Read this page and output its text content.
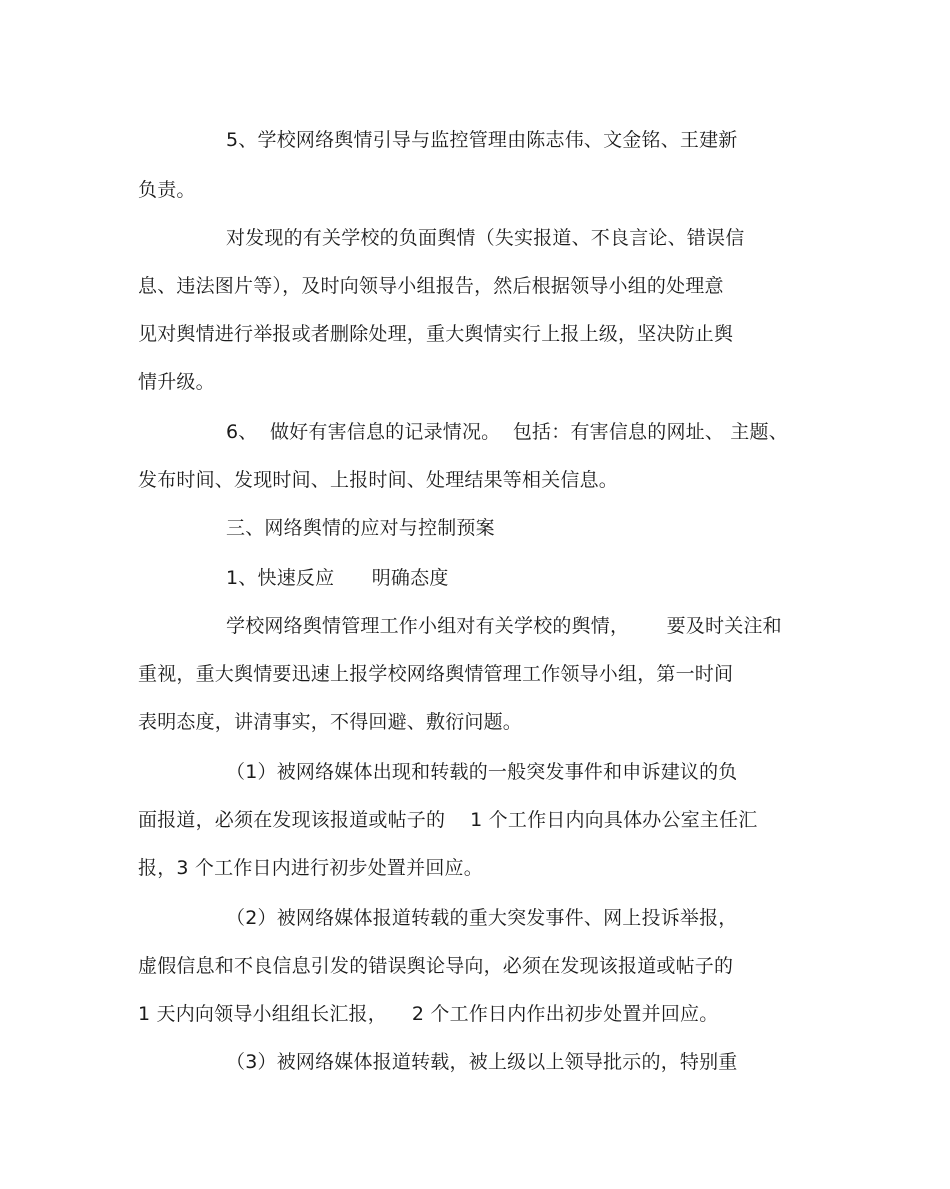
5、学校网络舆情引导与监控管理由陈志伟、文金铭、王建新
负责。
对发现的有关学校的负面舆情（失实报道、不良言论、错误信
息、违法图片等），及时向领导小组报告，然后根据领导小组的处理意
见对舆情进行举报或者删除处理，重大舆情实行上报上级，坚决防止舆
情升级。
6、  做好有害信息的记录情况。  包括：有害信息的网址、 主题、
发布时间、发现时间、上报时间、处理结果等相关信息。
三、网络舆情的应对与控制预案
1、快速反应      明确态度
学校网络舆情管理工作小组对有关学校的舆情，      要及时关注和
重视，重大舆情要迅速上报学校网络舆情管理工作领导小组，第一时间
表明态度，讲清事实，不得回避、敷衍问题。
（1）被网络媒体出现和转载的一般突发事件和申诉建议的负
面报道，必须在发现该报道或帖子的    1 个工作日内向具体办公室主任汇
报，3 个工作日内进行初步处置并回应。
（2）被网络媒体报道转载的重大突发事件、网上投诉举报，
虚假信息和不良信息引发的错误舆论导向，必须在发现该报道或帖子的
1 天内向领导小组组长汇报，    2 个工作日内作出初步处置并回应。
（3）被网络媒体报道转载，被上级以上领导批示的，特别重
